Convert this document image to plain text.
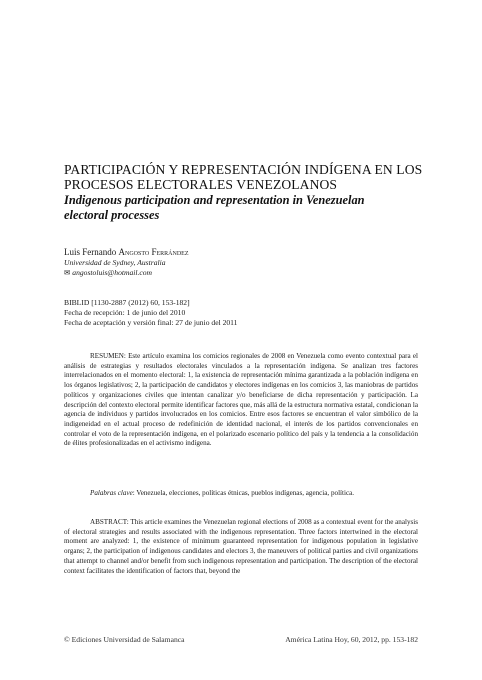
PARTICIPACIÓN Y REPRESENTACIÓN INDÍGENA EN LOS PROCESOS ELECTORALES VENEZOLANOS
Indigenous participation and representation in Venezuelan
electoral processes
Luis Fernando Angosto Ferrández
Universidad de Sydney, Australia
✉ angostoluis@hotmail.com
BIBLID [1130-2887 (2012) 60, 153-182]
Fecha de recepción: 1 de junio del 2010
Fecha de aceptación y versión final: 27 de junio del 2011

RESUMEN: Este artículo examina los comicios regionales de 2008 en Venezuela como evento contextual para el análisis de estrategias y resultados electorales vinculados a la representación indígena. Se analizan tres factores interrelacionados en el momento electoral: 1, la existencia de representación mínima garantizada a la población indígena en los órganos legislativos; 2, la participación de candidatos y electores indígenas en los comicios 3, las maniobras de partidos políticos y organizaciones civiles que intentan canalizar y/o beneficiarse de dicha representación y participación. La descripción del contexto electoral permite identificar factores que, más allá de la estructura normativa estatal, condicionan la agencia de individuos y partidos involucrados en los comicios. Entre esos factores se encuentran el valor simbólico de la indigeneidad en el actual proceso de redefinición de identidad nacional, el interés de los partidos convencionales en controlar el voto de la representación indígena, en el polarizado escenario político del país y la tendencia a la consolidación de élites profesionalizadas en el activismo indígena.

Palabras clave: Venezuela, elecciones, políticas étnicas, pueblos indígenas, agencia, política.

ABSTRACT: This article examines the Venezuelan regional elections of 2008 as a contextual event for the analysis of electoral strategies and results associated with the indigenous representation. Three factors intertwined in the electoral moment are analyzed: 1, the existence of minimum guaranteed representation for indigenous population in legislative organs; 2, the participation of indigenous candidates and electors 3, the maneuvers of political parties and civil organizations that attempt to channel and/or benefit from such indigenous representation and participation. The description of the electoral context facilitates the identification of factors that, beyond the

© Ediciones Universidad de Salamanca	América Latina Hoy, 60, 2012, pp. 153-182
